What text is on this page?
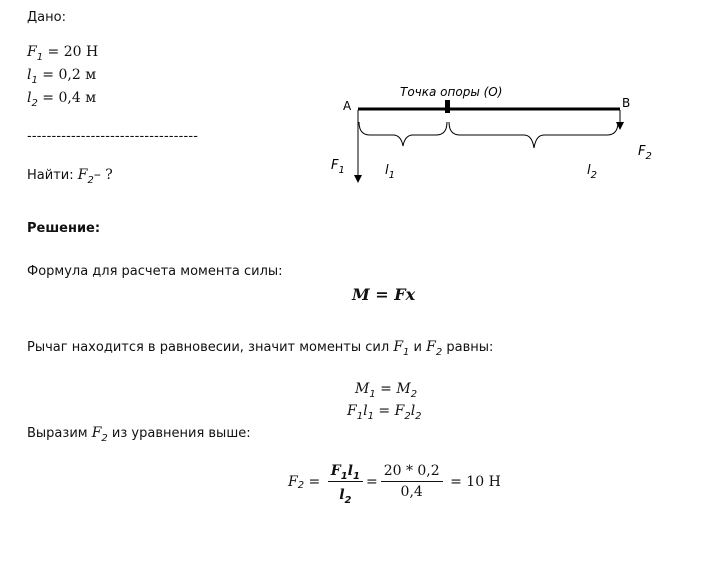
Дано:
$F_1 = 20$ Н
$l_1 = 0,2$ м
$l_2 = 0,4$ м
-----------------------------------
Найти: $F_2-$ ?
Точка опоры (О)
A	B
$F_1$
$F_2$
$l_1$	$l_2$
Решение:
Формула для расчета момента силы:
M = Fx
Рычаг находится в равновесии, значит моменты сил $F_1$ и $F_2$ равны:
$M_1 = M_2$
$F_1l_1 = F_2l_2$
Выразим $F_2$ из уравнения выше:
F $2 = \frac{F_1l_1}{l_2} = \frac{20 * 0,2}{0,4} = 10$ Н
